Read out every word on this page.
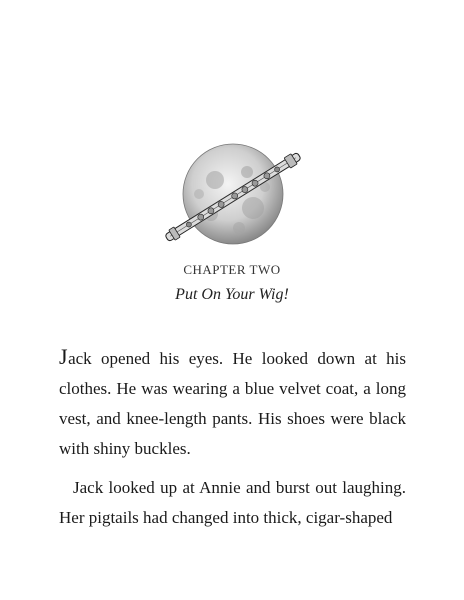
CHAPTER TWO
Put On Your Wig!

Jack opened his eyes. He looked down at his clothes. He was wearing a blue velvet coat, a long vest, and knee-length pants. His shoes were black with shiny buckles.

Jack looked up at Annie and burst out laughing. Her pigtails had changed into thick, cigar-shaped
